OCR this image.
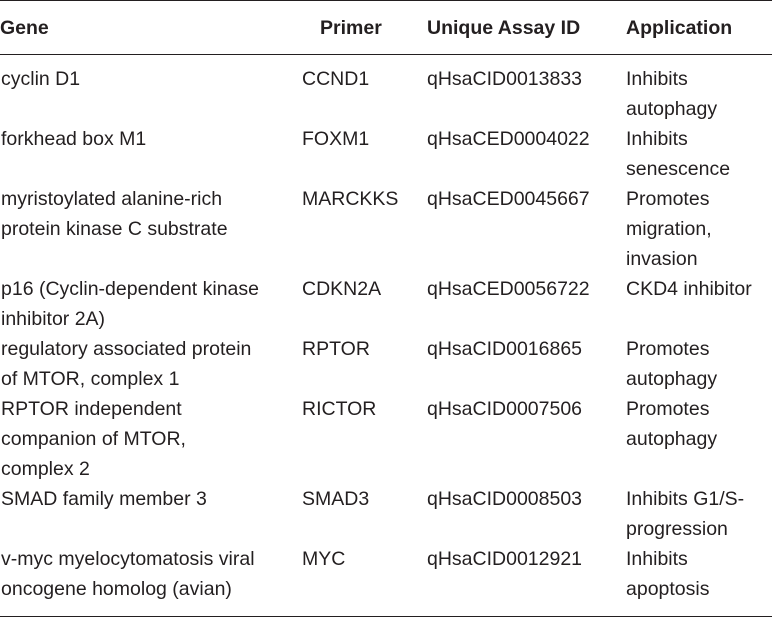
Gene	Primer	Unique Assay ID	Application

cyclin D1	CCND1	qHsaCID0013833	Inhibits
autophagy

forkhead box M1	FOXM1	qHsaCED0004022	Inhibits
senescence

myristoylated alanine-rich
protein kinase C substrate	MARCKKS	qHsaCED0045667	Promotes
migration,
invasion

p16 (Cyclin-dependent kinase
inhibitor 2A)	CDKN2A	qHsaCED0056722	CKD4 inhibitor

regulatory associated protein
of MTOR, complex 1	RPTOR	qHsaCID0016865	Promotes
autophagy

RPTOR independent
companion of MTOR,
complex 2	RICTOR	qHsaCID0007506	Promotes
autophagy

SMAD family member 3	SMAD3	qHsaCID0008503	Inhibits G1/S-
progression

v-myc myelocytomatosis viral
oncogene homolog (avian)	MYC	qHsaCID0012921	Inhibits
apoptosis
